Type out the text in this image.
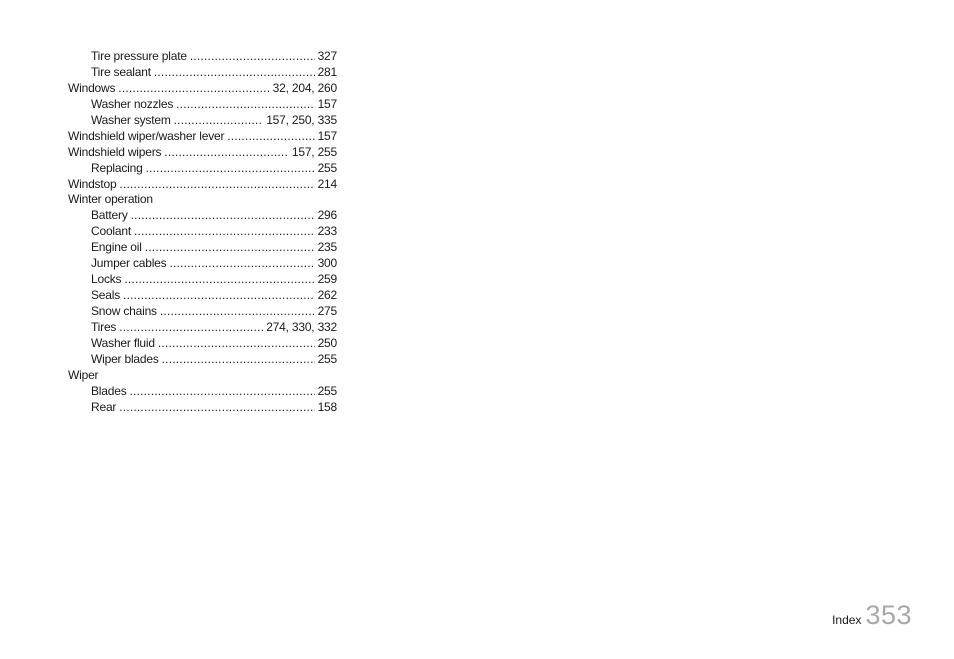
Tire pressure plate .....	327
Tire sealant .....	281
Windows .....	32, 204, 260
Washer nozzles .....	157
Washer system .....	157, 250, 335
Windshield wiper/washer lever .....	157
Windshield wipers .....	157, 255
Replacing .....	255
Windstop .....	214
Winter operation
Battery .....	296
Coolant .....	233
Engine oil .....	235
Jumper cables .....	300
Locks .....	259
Seals .....	262
Snow chains .....	275
Tires .....	274, 330, 332
Washer fluid .....	250
Wiper blades .....	255
Wiper
Blades .....	255
Rear .....	158
Index 353
